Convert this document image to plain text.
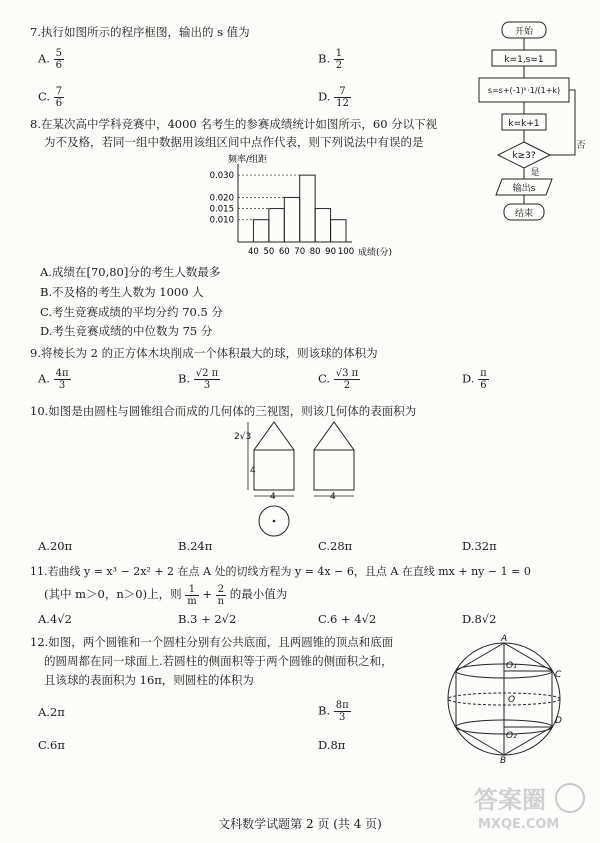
7.执行如图所示的程序框图，输出的 s 值为
A. $\frac{5}{6}$	B. $\frac{1}{2}$
C. $\frac{7}{6}$	D. $\frac{7}{12}$
开始
k=1,s=1
s=s+(-1)ᵏ·1/(1+k)
k=k+1
k≥3?
否
是
输出s
结束
8.在某次高中学科竞赛中，4000 名考生的参赛成绩统计如图所示，60 分以下视
为不及格，若同一组中数据用该组区间中点作代表，则下列说法中有误的是
频率/组距
成绩(分)
0.010
0.015
0.020
0.030
40 50 60 70 80 90 100
A.成绩在[70,80]分的考生人数最多
B.不及格的考生人数为 1000 人
C.考生竞赛成绩的平均分约 70.5 分
D.考生竞赛成绩的中位数为 75 分
9.将棱长为 2 的正方体木块削成一个体积最大的球，则该球的体积为
A. $\frac{4\pi}{3}$	B. $\frac{√2 \pi}{3}$	C. $\frac{√3 \pi}{2}$	D. $\frac{\pi}{6}$
10.如图是由圆柱与圆锥组合而成的几何体的三视图，则该几何体的表面积为
2√3
4
4	4
A.20π	B.24π	C.28π	D.32π
11.若曲线 y = x³ − 2x² + 2 在点 A 处的切线方程为 y = 4x − 6，且点 A 在直线 mx + ny − 1 = 0
(其中 m＞0，n＞0)上，则 $\frac{1}{m} + \frac{2}{n}$ 的最小值为
A.4√2	B.3 + 2√2	C.6 + 4√2	D.8√2
12.如图，两个圆锥和一个圆柱分别有公共底面，且两圆锥的顶点和底面
的圆周都在同一球面上.若圆柱的侧面积等于两个圆锥的侧面积之和，
且该球的表面积为 16π，则圆柱的体积为
A.2π	B. $\frac{8\pi}{3}$
C.6π	D.8π
A
B
C
D
O
O₁
O₂
文科数学试题第 2 页 (共 4 页)
答案圈
MXQE.COM
